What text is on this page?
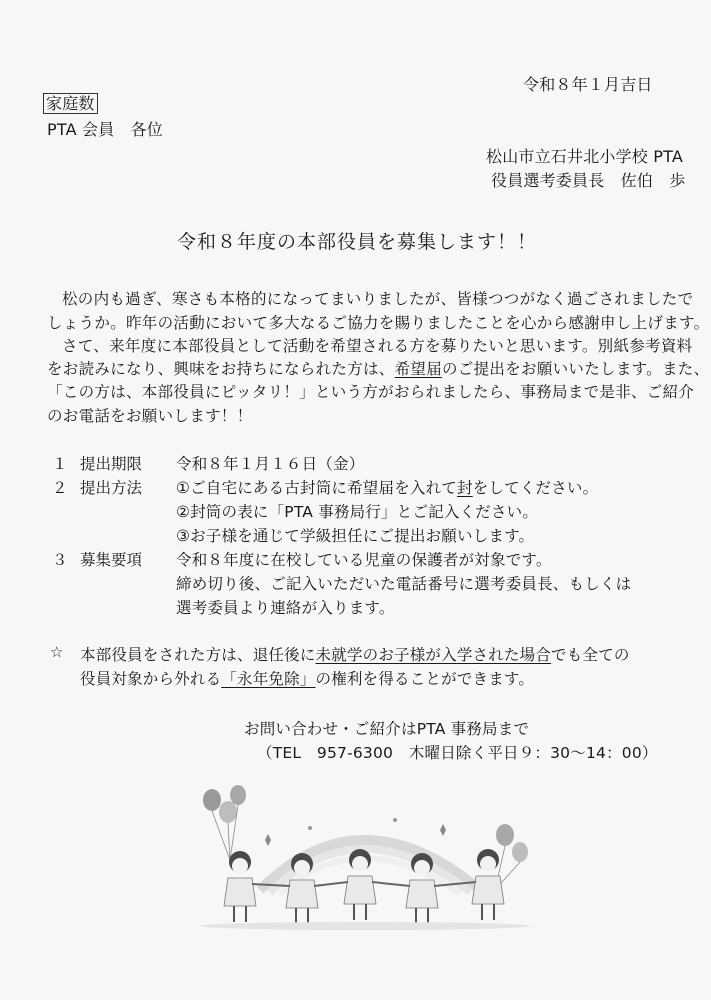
令和８年１月吉日
家庭数
PTA 会員　各位
松山市立石井北小学校 PTA
役員選考委員長　佐伯　歩
令和８年度の本部役員を募集します！！
松の内も過ぎ、寒さも本格的になってまいりましたが、皆様つつがなく過ごされましたで
しょうか。昨年の活動において多大なるご協力を賜りましたことを心から感謝申し上げます。
さて、来年度に本部役員として活動を希望される方を募りたいと思います。別紙参考資料
をお読みになり、興味をお持ちになられた方は、希望届のご提出をお願いいたします。また、
「この方は、本部役員にピッタリ！」という方がおられましたら、事務局まで是非、ご紹介
のお電話をお願いします！！
１ 提出期限 令和８年１月１６日（金）
２ 提出方法 ①ご自宅にある古封筒に希望届を入れて封をしてください。
②封筒の表に「PTA 事務局行」とご記入ください。
③お子様を通じて学級担任にご提出お願いします。
３ 募集要項 令和８年度に在校している児童の保護者が対象です。
締め切り後、ご記入いただいた電話番号に選考委員長、もしくは
選考委員より連絡が入ります。
☆ 本部役員をされた方は、退任後に未就学のお子様が入学された場合でも全ての
役員対象から外れる「永年免除」の権利を得ることができます。
お問い合わせ・ご紹介はPTA 事務局まで
（TEL　957-6300　木曜日除く平日９：30～14：00）
